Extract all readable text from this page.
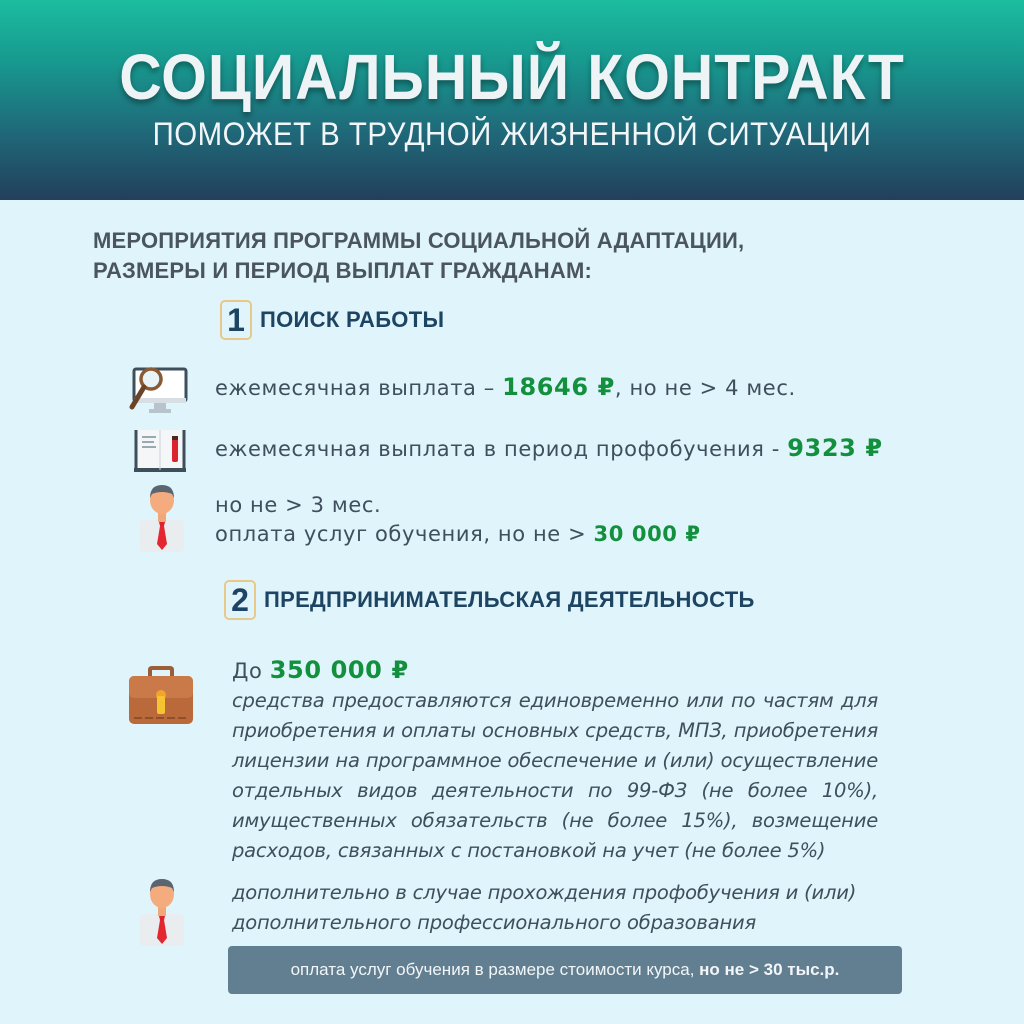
СОЦИАЛЬНЫЙ КОНТРАКТ
ПОМОЖЕТ В ТРУДНОЙ ЖИЗНЕННОЙ СИТУАЦИИ
МЕРОПРИЯТИЯ ПРОГРАММЫ СОЦИАЛЬНОЙ АДАПТАЦИИ,
РАЗМЕРЫ И ПЕРИОД ВЫПЛАТ ГРАЖДАНАМ:
1 ПОИСК РАБОТЫ
ежемесячная выплата – 18646 ₽, но не > 4 мес.
ежемесячная выплата в период профобучения - 9323 ₽
но не > 3 мес.
оплата услуг обучения, но не > 30 000 ₽
2 ПРЕДПРИНИМАТЕЛЬСКАЯ ДЕЯТЕЛЬНОСТЬ
До 350 000 ₽
средства предоставляются единовременно или по частям для приобретения и оплаты основных средств, МПЗ, приобретения лицензии на программное обеспечение и (или) осуществление отдельных видов деятельности по 99-ФЗ (не более 10%), имущественных обязательств (не более 15%), возмещение расходов, связанных с постановкой на учет (не более 5%)
дополнительно в случае прохождения профобучения и (или)
дополнительного профессионального образования
оплата услуг обучения в размере стоимости курса, но не > 30 тыс.р.
